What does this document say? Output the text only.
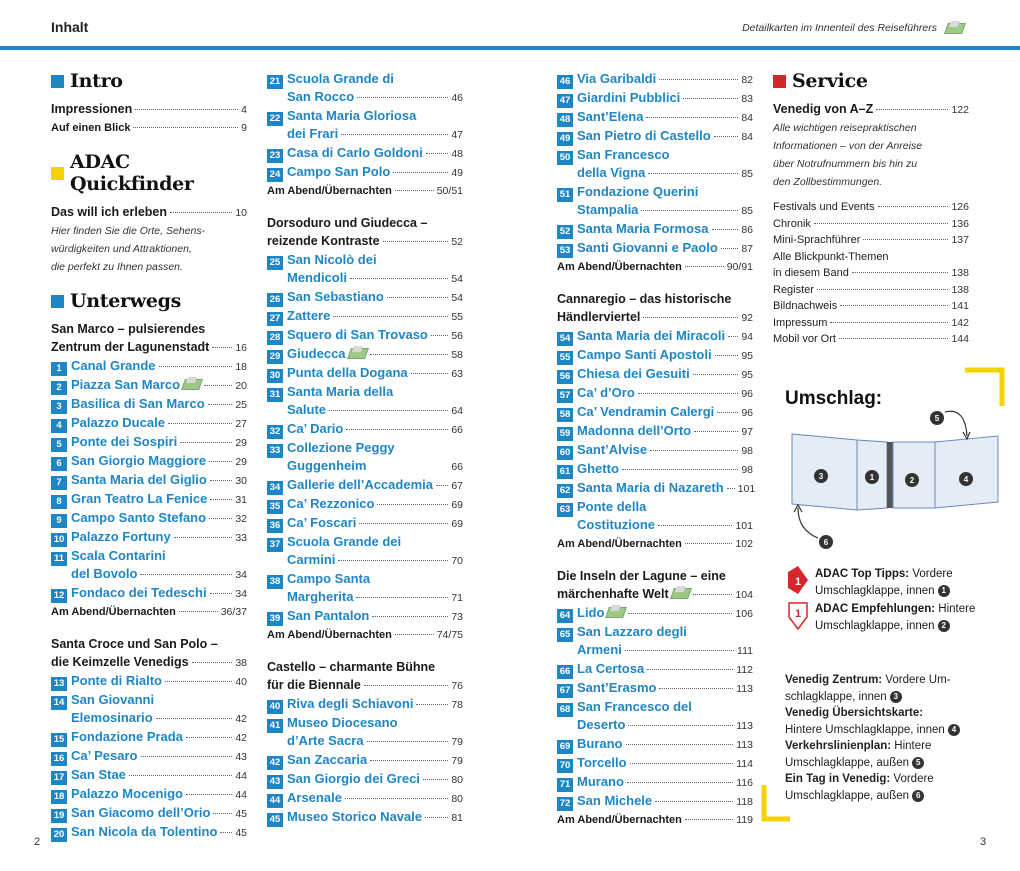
Inhalt	Detailkarten im Innenteil des Reiseführers
Intro
Impressionen	4
Auf einen Blick	9
ADAC Quickfinder
Das will ich erleben	10
Hier finden Sie die Orte, Sehens-
würdigkeiten und Attraktionen,
die perfekt zu Ihnen passen.
Unterwegs
San Marco – pulsierendes
Zentrum der Lagunenstadt 16
1 Canal Grande	18
2 Piazza San Marco	20
3 Basilica di San Marco	25
4 Palazzo Ducale	27
5 Ponte dei Sospiri	29
6 San Giorgio Maggiore	29
7 Santa Maria del Giglio	30
8 Gran Teatro La Fenice	31
9 Campo Santo Stefano	32
10 Palazzo Fortuny	33
11 Scala Contarini
del Bovolo	34
12 Fondaco dei Tedeschi	34
Am Abend/Übernachten	36/37
Santa Croce und San Polo –
die Keimzelle Venedigs	38
13 Ponte di Rialto	40
14 San Giovanni
Elemosinario	42
15 Fondazione Prada	42
16 Ca’ Pesaro	43
17 San Stae	44
18 Palazzo Mocenigo	44
19 San Giacomo dell’Orio 45
20 San Nicola da Tolentino 45
21 Scuola Grande di
San Rocco	46
22 Santa Maria Gloriosa
dei Frari	47
23 Casa di Carlo Goldoni	48
24 Campo San Polo	49
Am Abend/Übernachten	50/51
Dorsoduro und Giudecca –
reizende Kontraste	52
25 San Nicolò dei
Mendicoli	54
26 San Sebastiano	54
27 Zattere	55
28 Squero di San Trovaso 56
29 Giudecca	58
30 Punta della Dogana	63
31 Santa Maria della
Salute	64
32 Ca’ Dario	66
33 Collezione Peggy
Guggenheim	66
34 Gallerie dell’Accademia 67
35 Ca’ Rezzonico	69
36 Ca’ Foscari	69
37 Scuola Grande dei
Carmini	70
38 Campo Santa
Margherita	71
39 San Pantalon	73
Am Abend/Übernachten	74/75
Castello – charmante Bühne
für die Biennale	76
40 Riva degli Schiavoni	78
41 Museo Diocesano
d’Arte Sacra	79
42 San Zaccaria	79
43 San Giorgio dei Greci	80
44 Arsenale	80
45 Museo Storico Navale	81
46 Via Garibaldi	82
47 Giardini Pubblici	83
48 Sant’Elena	84
49 San Pietro di Castello	84
50 San Francesco
della Vigna	85
51 Fondazione Querini
Stampalia	85
52 Santa Maria Formosa	86
53 Santi Giovanni e Paolo 87
Am Abend/Übernachten	90/91
Cannaregio – das historische
Händlerviertel	92
54 Santa Maria dei Miracoli 94
55 Campo Santi Apostoli	95
56 Chiesa dei Gesuiti	95
57 Ca’ d’Oro	96
58 Ca’ Vendramin Calergi	96
59 Madonna dell’Orto	97
60 Sant’Alvise	98
61 Ghetto	98
62 Santa Maria di Nazareth 101
63 Ponte della
Costituzione	101
Am Abend/Übernachten	102
Die Inseln der Lagune – eine
märchenhafte Welt	104
64 Lido	106
65 San Lazzaro degli
Armeni	111
66 La Certosa	112
67 Sant’Erasmo	113
68 San Francesco del
Deserto	113
69 Burano	113
70 Torcello	114
71 Murano	116
72 San Michele	118
Am Abend/Übernachten	119
Service
Venedig von A–Z	122
Alle wichtigen reisepraktischen
Informationen – von der Anreise
über Notrufnummern bis hin zu
den Zollbestimmungen.
Festivals und Events	126
Chronik	136
Mini-Sprachführer	137
Alle Blickpunkt-Themen
in diesem Band	138
Register	138
Bildnachweis	141
Impressum	142
Mobil vor Ort	144
Umschlag:
3	1	2	4
5
6
1
ADAC Top Tipps: Vordere
Umschlagklappe, innen 1
1 ADAC Empfehlungen: Hintere
Umschlagklappe, innen 2
Venedig Zentrum: Vordere Um-
schlagklappe, innen 3
Venedig Übersichtskarte:
Hintere Umschlagklappe, innen 4
Verkehrslinienplan: Hintere
Umschlagklappe, außen 5
Ein Tag in Venedig: Vordere
Umschlagklappe, außen 6
2	3
